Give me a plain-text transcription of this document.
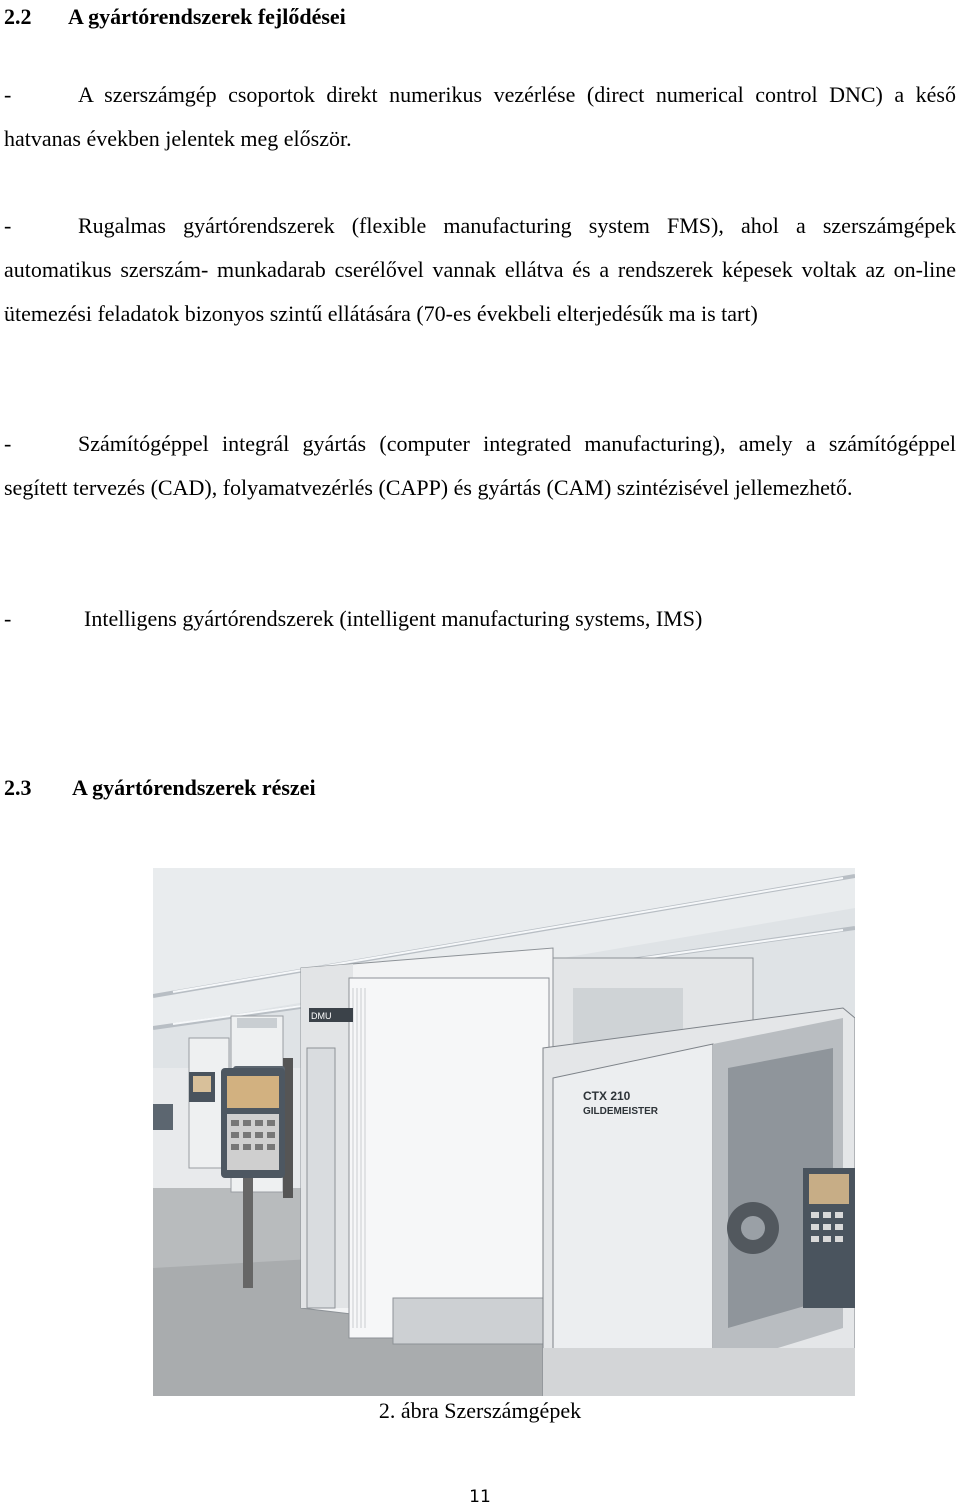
2.2 A gyártórendszerek fejlődései

-	A szerszámgép csoportok direkt numerikus vezérlése (direct numerical control DNC) a késő hatvanas években jelentek meg először.

-	Rugalmas gyártórendszerek (flexible manufacturing system FMS), ahol a szerszámgépek automatikus szerszám- munkadarab cserélővel vannak ellátva és a rendszerek képesek voltak az on-line ütemezési feladatok bizonyos szintű ellátására (70-es évekbeli elterjedésűk ma is tart)

-	Számítógéppel integrál gyártás (computer integrated manufacturing), amely a számítógéppel segített tervezés (CAD), folyamatvezérlés (CAPP) és gyártás (CAM) szintézisével jellemezhető.

-	Intelligens gyártórendszerek (intelligent manufacturing systems, IMS)

2.3 A gyártórendszerek részei
DMU
CTX 210
GILDEMEISTER
2. ábra Szerszámgépek
11
